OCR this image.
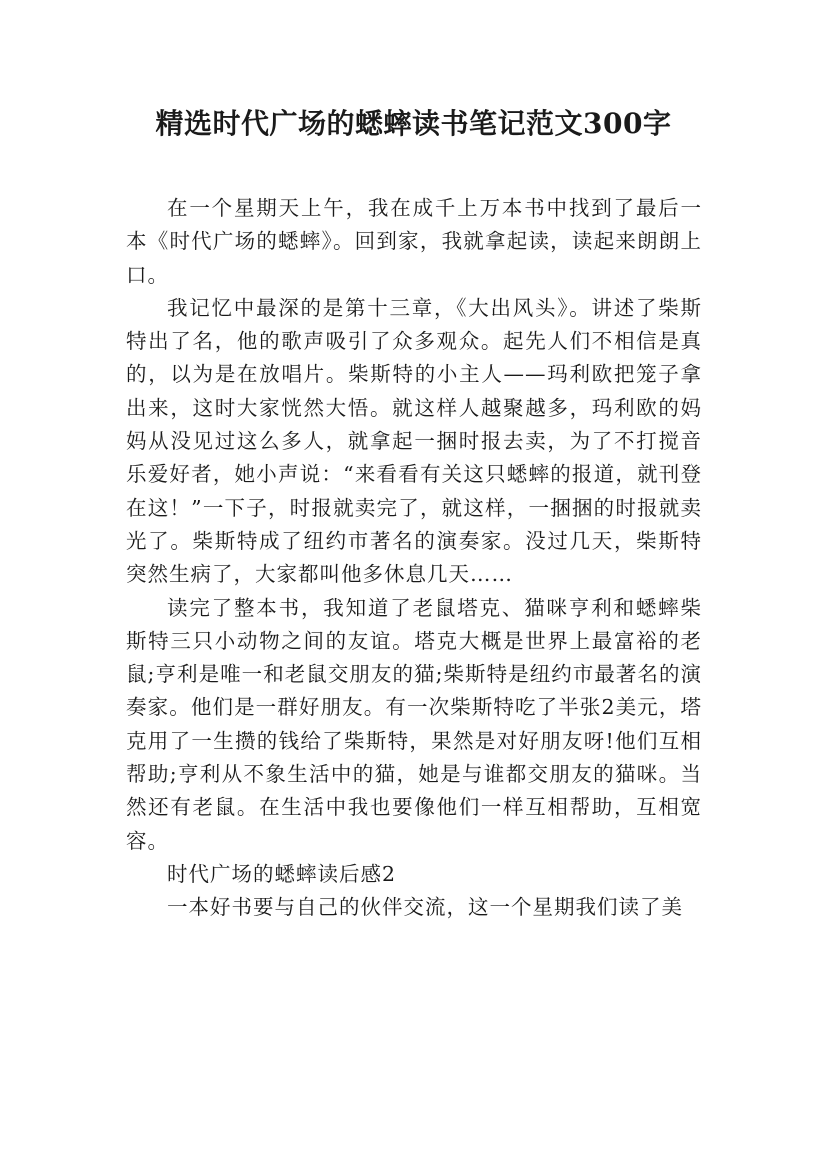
精选时代广场的蟋蟀读书笔记范文300字

在一个星期天上午，我在成千上万本书中找到了最后一本《时代广场的蟋蟀》。回到家，我就拿起读，读起来朗朗上口。

我记忆中最深的是第十三章，《大出风头》。讲述了柴斯特出了名，他的歌声吸引了众多观众。起先人们不相信是真的，以为是在放唱片。柴斯特的小主人——玛利欧把笼子拿出来，这时大家恍然大悟。就这样人越聚越多，玛利欧的妈妈从没见过这么多人，就拿起一捆时报去卖，为了不打搅音乐爱好者，她小声说：“来看看有关这只蟋蟀的报道，就刊登在这！”一下子，时报就卖完了，就这样，一捆捆的时报就卖光了。柴斯特成了纽约市著名的演奏家。没过几天，柴斯特突然生病了，大家都叫他多休息几天……

读完了整本书，我知道了老鼠塔克、猫咪亨利和蟋蟀柴斯特三只小动物之间的友谊。塔克大概是世界上最富裕的老鼠;亨利是唯一和老鼠交朋友的猫;柴斯特是纽约市最著名的演奏家。他们是一群好朋友。有一次柴斯特吃了半张2美元，塔克用了一生攒的钱给了柴斯特，果然是对好朋友呀!他们互相帮助;亨利从不象生活中的猫，她是与谁都交朋友的猫咪。当然还有老鼠。在生活中我也要像他们一样互相帮助，互相宽容。

时代广场的蟋蟀读后感2

一本好书要与自己的伙伴交流，这一个星期我们读了美
